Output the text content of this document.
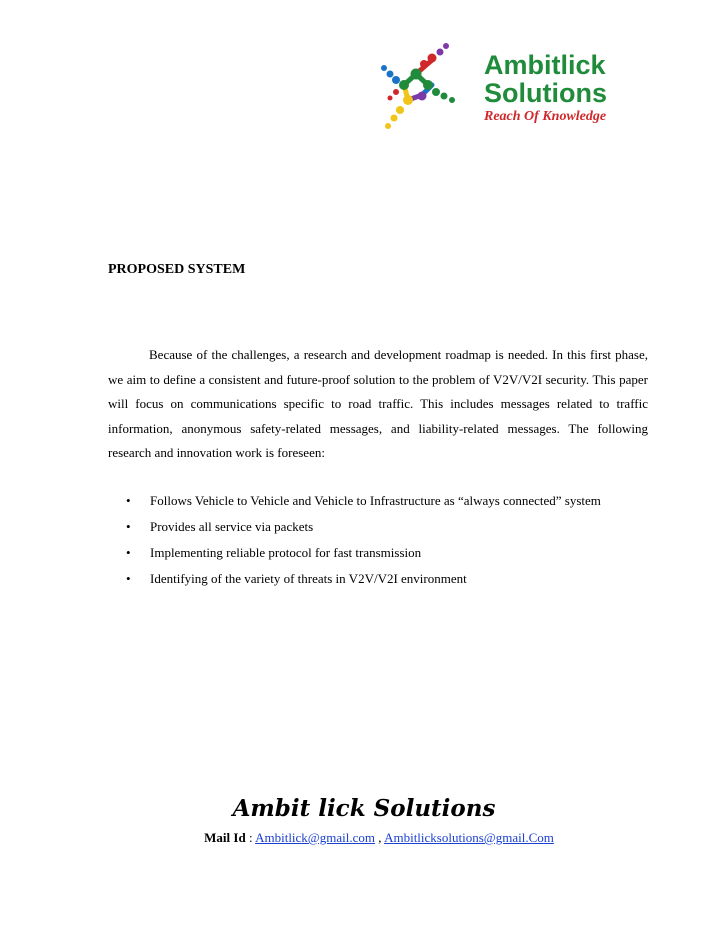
Ambitlick
Solutions
Reach Of Knowledge
PROPOSED SYSTEM

Because of the challenges, a research and development roadmap is needed. In this first phase, we aim to define a consistent and future-proof solution to the problem of V2V/V2I security. This paper will focus on communications specific to road traffic. This includes messages related to traffic information, anonymous safety-related messages, and liability-related messages. The following research and innovation work is foreseen:

• Follows Vehicle to Vehicle and Vehicle to Infrastructure as “always connected” system
• Provides all service via packets
• Implementing reliable protocol for fast transmission
• Identifying of the variety of threats in V2V/V2I environment
Ambit lick Solutions
Mail Id : Ambitlick@gmail.com , Ambitlicksolutions@gmail.Com
